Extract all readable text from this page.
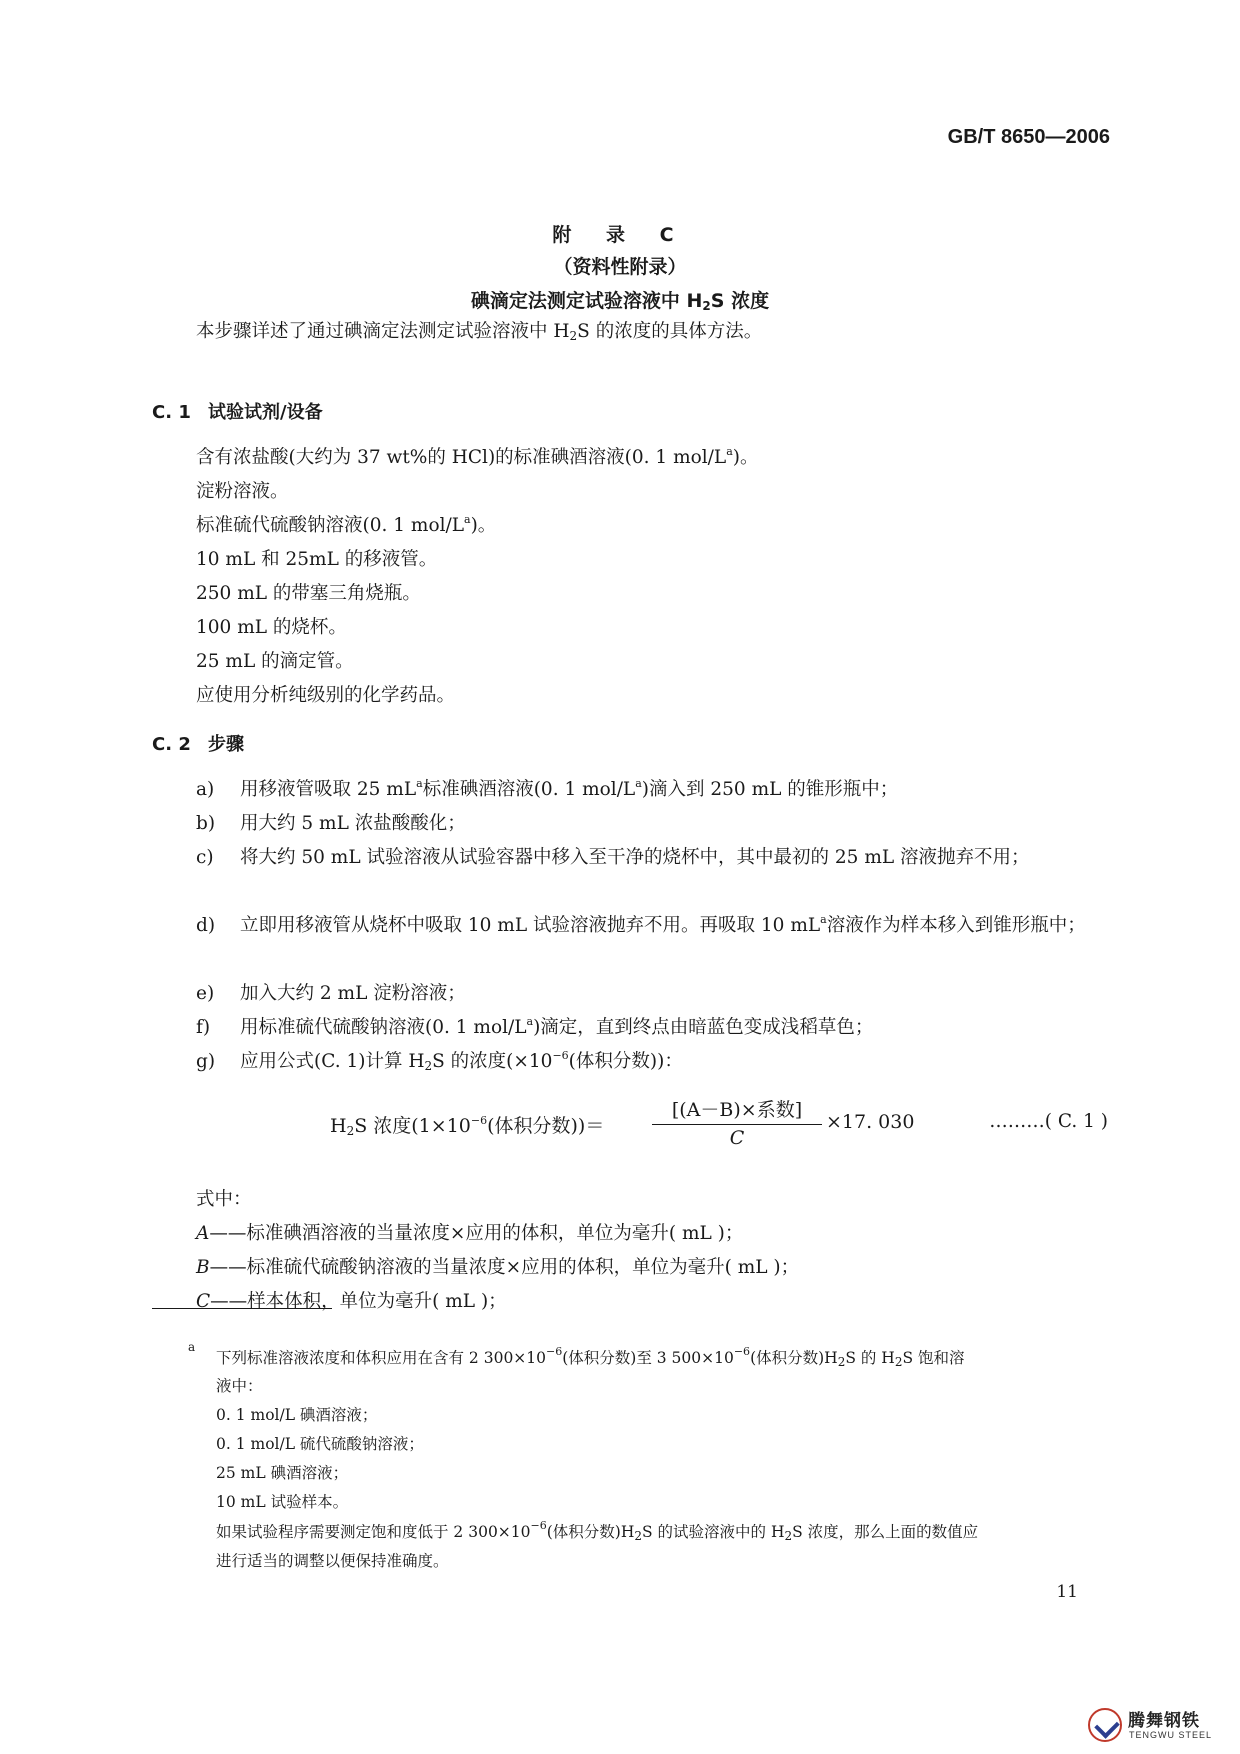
GB/T 8650—2006
附 录 C
（资料性附录）
碘滴定法测定试验溶液中 $H_2S$ 浓度
本步骤详述了通过碘滴定法测定试验溶液中 $H_2S$ 的浓度的具体方法。
C. 1 试验试剂/设备
含有浓盐酸(大约为 37 wt%的 HCl)的标准碘酒溶液(0. 1 mol/$L^a$)。
淀粉溶液。
标准硫代硫酸钠溶液(0. 1 mol/$L^a$)。
10 mL 和 25mL 的移液管。
250 mL 的带塞三角烧瓶。
100 mL 的烧杯。
25 mL 的滴定管。
应使用分析纯级别的化学药品。
C. 2 步骤
a)	用移液管吸取 25 $mL^a$标准碘酒溶液(0. 1 mol/$L^a$)滴入到 250 mL 的锥形瓶中；
b)	用大约 5 mL 浓盐酸酸化；
c)	将大约 50 mL 试验溶液从试验容器中移入至干净的烧杯中，其中最初的 25 mL 溶液抛弃不用；
d)	立即用移液管从烧杯中吸取 10 mL 试验溶液抛弃不用。再吸取 10 $mL^a$溶液作为样本移入到锥形瓶中；
e)	加入大约 2 mL 淀粉溶液；
f)	用标准硫代硫酸钠溶液(0. 1 mol/$L^a$)滴定，直到终点由暗蓝色变成浅稻草色；
g)	应用公式(C. 1)计算 $H_2S$ 的浓度($\times 10^{-6}$(体积分数))：
$H_2S$ 浓度($1\times 10^{-6}$(体积分数))＝
[(A－B)×系数]
C
×17. 030	………( C. 1 )
式中：
A——标准碘酒溶液的当量浓度×应用的体积，单位为毫升( mL )；
B——标准硫代硫酸钠溶液的当量浓度×应用的体积，单位为毫升( mL )；
C——样本体积，单位为毫升( mL )；
a
下列标准溶液浓度和体积应用在含有 2 $300\times 10^{-6}$(体积分数)至 3 $500\times 10^{-6}$(体积分数)$H_2S$ 的 $H_2S$ 饱和溶
液中：
0. 1 mol/L 碘酒溶液；
0. 1 mol/L 硫代硫酸钠溶液；
25 mL 碘酒溶液；
10 mL 试验样本。
如果试验程序需要测定饱和度低于 2 $300\times 10^{-6}$(体积分数)$H_2S$ 的试验溶液中的 $H_2S$ 浓度，那么上面的数值应
进行适当的调整以便保持准确度。
11
腾舞钢铁
TENGWU STEEL
